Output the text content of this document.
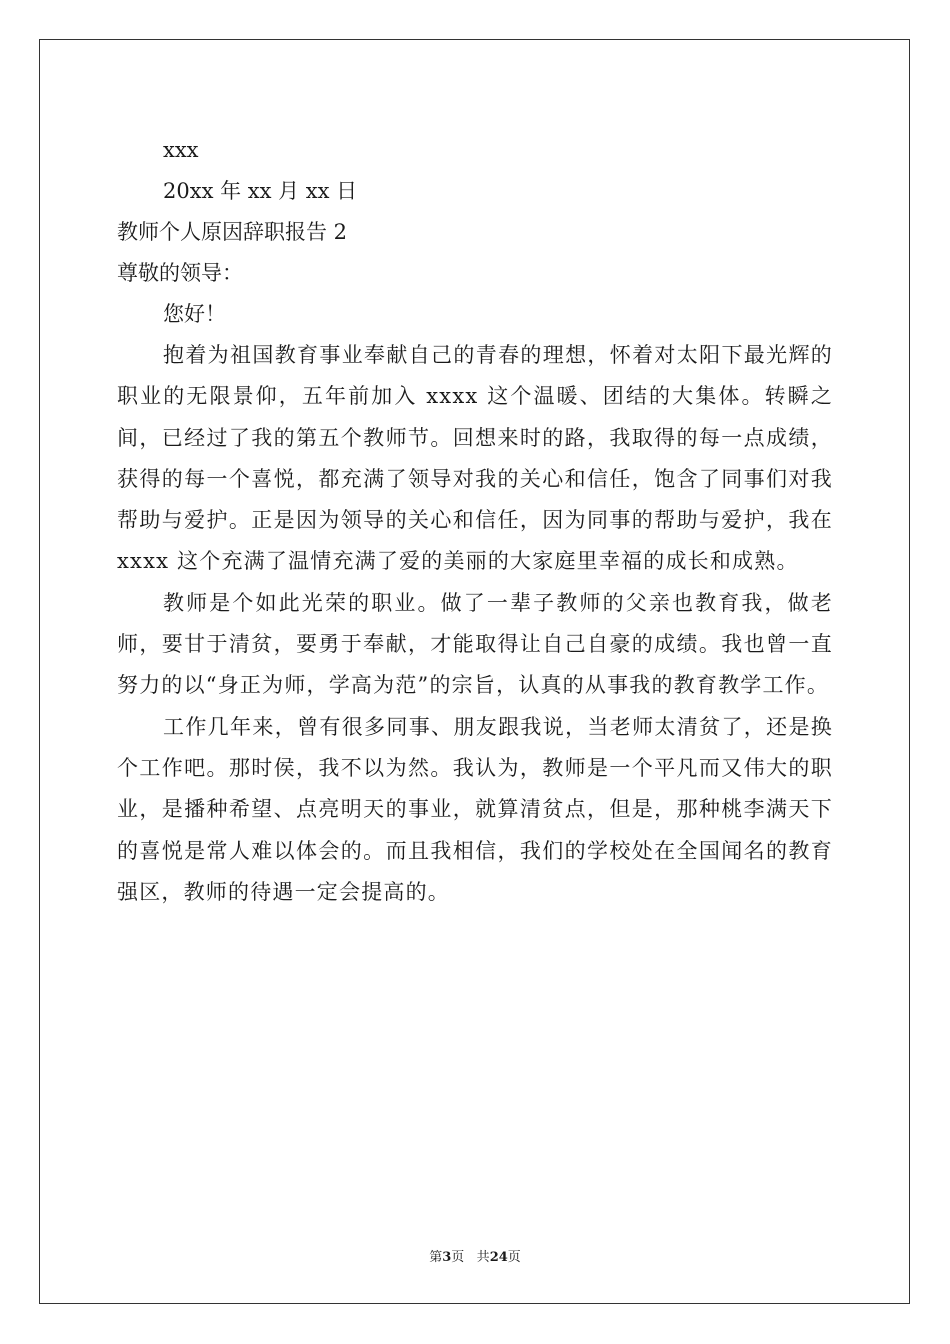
xxx
20xx 年 xx 月 xx 日
教师个人原因辞职报告 2
尊敬的领导：
您好！

抱着为祖国教育事业奉献自己的青春的理想，怀着对太阳下最光辉的职业的无限景仰，五年前加入 xxxx 这个温暖、团结的大集体。转瞬之间，已经过了我的第五个教师节。回想来时的路，我取得的每一点成绩，获得的每一个喜悦，都充满了领导对我的关心和信任，饱含了同事们对我帮助与爱护。正是因为领导的关心和信任，因为同事的帮助与爱护，我在 xxxx 这个充满了温情充满了爱的美丽的大家庭里幸福的成长和成熟。

教师是个如此光荣的职业。做了一辈子教师的父亲也教育我，做老师，要甘于清贫，要勇于奉献，才能取得让自己自豪的成绩。我也曾一直努力的以“身正为师，学高为范”的宗旨，认真的从事我的教育教学工作。

工作几年来，曾有很多同事、朋友跟我说，当老师太清贫了，还是换个工作吧。那时侯，我不以为然。我认为，教师是一个平凡而又伟大的职业，是播种希望、点亮明天的事业，就算清贫点，但是，那种桃李满天下的喜悦是常人难以体会的。而且我相信，我们的学校处在全国闻名的教育强区，教师的待遇一定会提高的。

第3页 共24页
